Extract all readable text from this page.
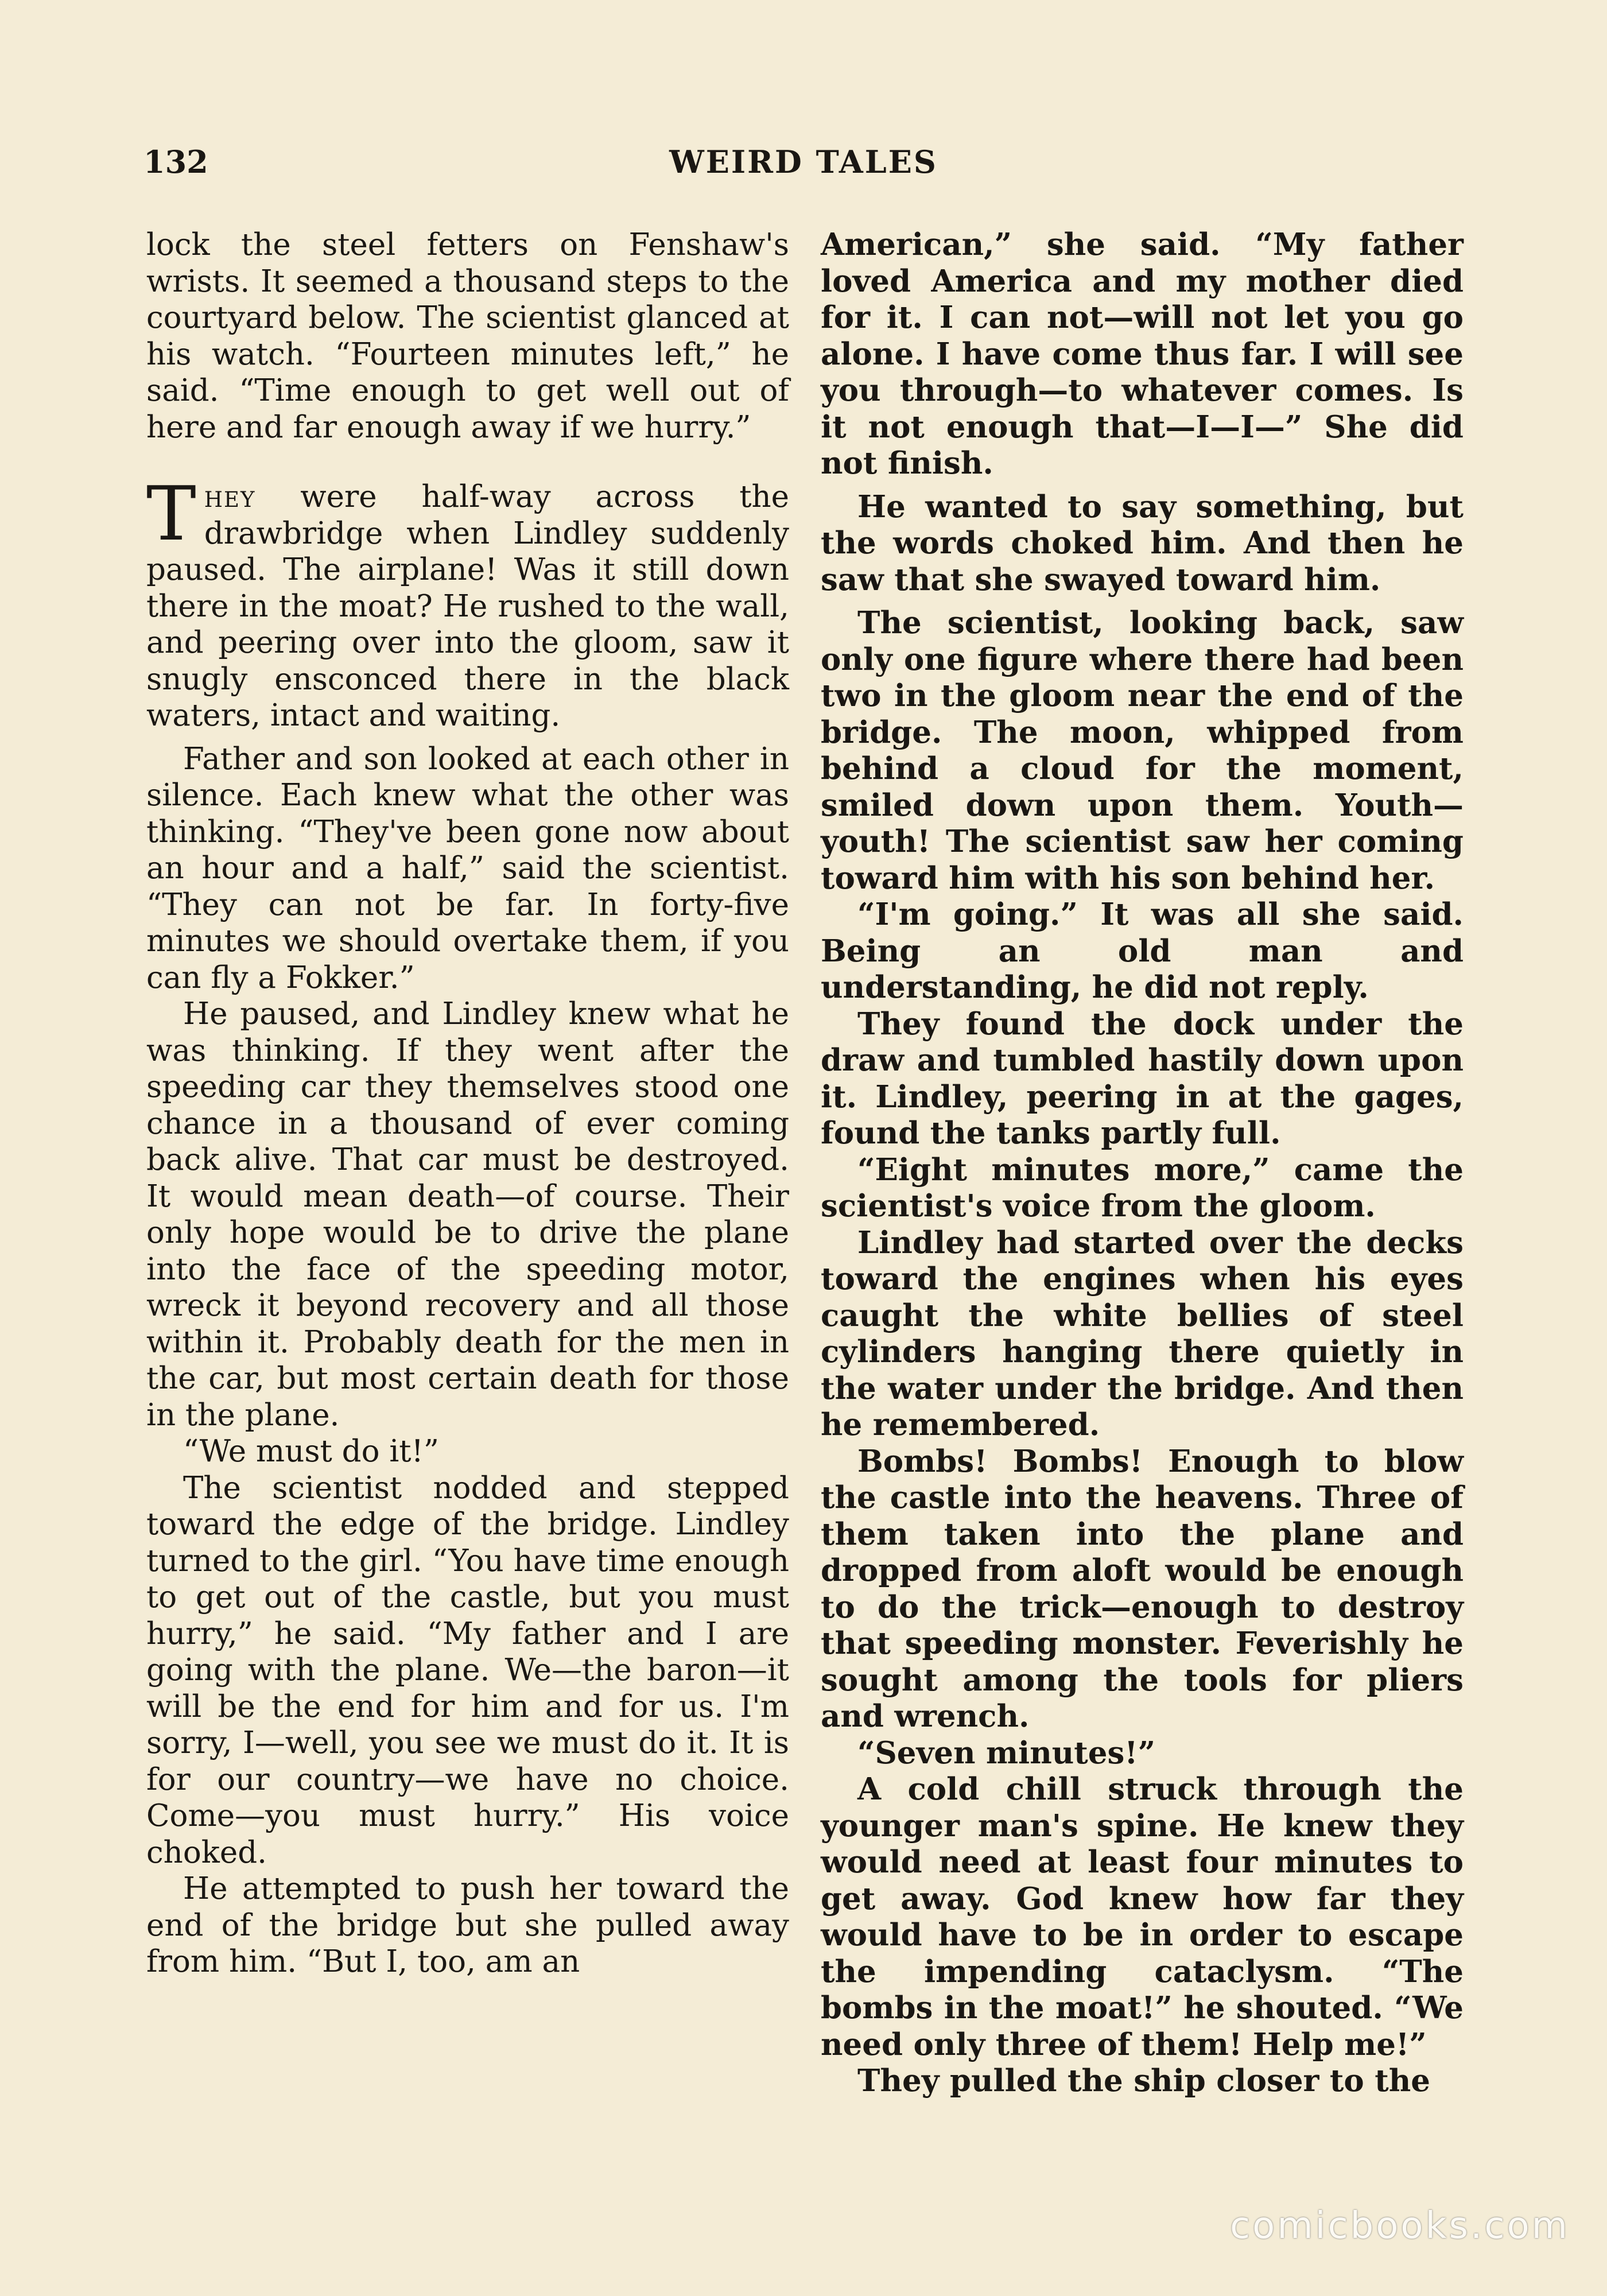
132	WEIRD TALES

lock the steel fetters on Fenshaw's wrists. It seemed a thousand steps to the courtyard below. The scientist glanced at his watch. “Fourteen minutes left,” he said. “Time enough to get well out of here and far enough away if we hurry.”

They were half-way across the drawbridge when Lindley suddenly paused. The airplane! Was it still down there in the moat? He rushed to the wall, and peering over into the gloom, saw it snugly ensconced there in the black waters, intact and waiting.

Father and son looked at each other in silence. Each knew what the other was thinking. “They've been gone now about an hour and a half,” said the scientist. “They can not be far. In forty-five minutes we should overtake them, if you can fly a Fokker.”

He paused, and Lindley knew what he was thinking. If they went after the speeding car they themselves stood one chance in a thousand of ever coming back alive. That car must be destroyed. It would mean death—of course. Their only hope would be to drive the plane into the face of the speeding motor, wreck it beyond recovery and all those within it. Probably death for the men in the car, but most certain death for those in the plane.

“We must do it!”

The scientist nodded and stepped toward the edge of the bridge. Lindley turned to the girl. “You have time enough to get out of the castle, but you must hurry,” he said. “My father and I are going with the plane. We—the baron—it will be the end for him and for us. I'm sorry, I—well, you see we must do it. It is for our country—we have no choice. Come—you must hurry.” His voice choked.

He attempted to push her toward the end of the bridge but she pulled away from him. “But I, too, am an

American,” she said. “My father loved America and my mother died for it. I can not—will not let you go alone. I have come thus far. I will see you through—to whatever comes. Is it not enough that—I—I—” She did not finish.

He wanted to say something, but the words choked him. And then he saw that she swayed toward him.

The scientist, looking back, saw only one figure where there had been two in the gloom near the end of the bridge. The moon, whipped from behind a cloud for the moment, smiled down upon them. Youth—youth! The scientist saw her coming toward him with his son behind her.

“I'm going.” It was all she said. Being an old man and understanding, he did not reply.

They found the dock under the draw and tumbled hastily down upon it. Lindley, peering in at the gages, found the tanks partly full.

“Eight minutes more,” came the scientist's voice from the gloom.

Lindley had started over the decks toward the engines when his eyes caught the white bellies of steel cylinders hanging there quietly in the water under the bridge. And then he remembered.

Bombs! Bombs! Enough to blow the castle into the heavens. Three of them taken into the plane and dropped from aloft would be enough to do the trick—enough to destroy that speeding monster. Feverishly he sought among the tools for pliers and wrench.

“Seven minutes!”

A cold chill struck through the younger man's spine. He knew they would need at least four minutes to get away. God knew how far they would have to be in order to escape the impending cataclysm. “The bombs in the moat!” he shouted. “We need only three of them! Help me!”

They pulled the ship closer to the

comicbooks.com
